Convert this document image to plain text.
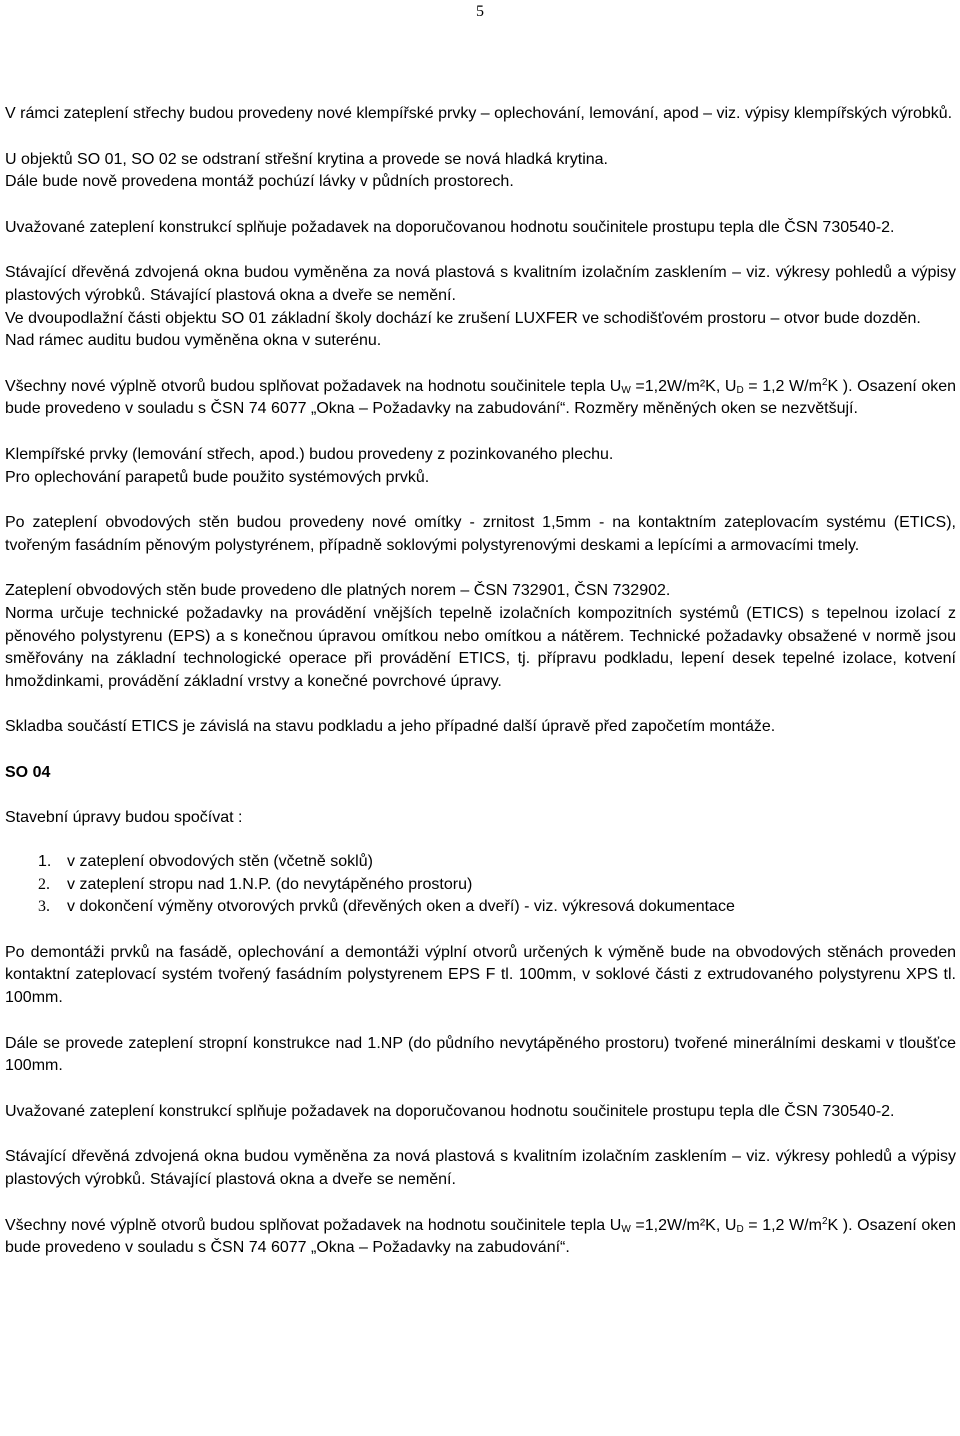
5

V rámci zateplení střechy budou provedeny nové klempířské prvky – oplechování, lemování, apod – viz. výpisy klempířských výrobků.

U objektů SO 01, SO 02 se odstraní střešní krytina a provede se nová hladká krytina.

Dále bude nově provedena montáž pochúzí lávky v půdních prostorech.

Uvažované zateplení konstrukcí splňuje požadavek na doporučovanou hodnotu součinitele prostupu tepla dle ČSN 730540-2.

Stávající dřevěná zdvojená okna budou vyměněna za nová plastová s kvalitním izolačním zasklením – viz. výkresy pohledů a výpisy plastových výrobků. Stávající plastová okna a dveře se nemění.

Ve dvoupodlažní části objektu SO 01 základní školy dochází ke zrušení LUXFER ve schodišťovém prostoru – otvor bude dozděn.

Nad rámec auditu budou vyměněna okna v suterénu.

Všechny nové výplně otvorů budou splňovat požadavek na hodnotu součinitele tepla $U_W =1,2W/m^2K$, $U_D = 1,2$ $W/m^2K$ ). Osazení oken bude provedeno v souladu s ČSN 74 6077 „Okna – Požadavky na zabudování“. Rozměry měněných oken se nezvětšují.

Klempířské prvky (lemování střech, apod.) budou provedeny z pozinkovaného plechu.

Pro oplechování parapetů bude použito systémových prvků.

Po zateplení obvodových stěn budou provedeny nové omítky - zrnitost 1,5mm - na kontaktním zateplovacím systému (ETICS), tvořeným fasádním pěnovým polystyrénem, případně soklovými polystyrenovými deskami a lepícími a armovacími tmely.

Zateplení obvodových stěn bude provedeno dle platných norem – ČSN 732901, ČSN 732902.

Norma určuje technické požadavky na provádění vnějších tepelně izolačních kompozitních systémů (ETICS) s tepelnou izolací z pěnového polystyrenu (EPS) a s konečnou úpravou omítkou nebo omítkou a nátěrem. Technické požadavky obsažené v normě jsou směřovány na základní technologické operace při provádění ETICS, tj. přípravu podkladu, lepení desek tepelné izolace, kotvení hmoždinkami, provádění základní vrstvy a konečné povrchové úpravy.

Skladba součástí ETICS je závislá na stavu podkladu a jeho případné další úpravě před započetím montáže.

SO 04

Stavební úpravy budou spočívat :

1. v zateplení obvodových stěn (včetně soklů)
2.	v zateplení stropu nad 1.N.P. (do nevytápěného prostoru)
3.	v dokončení výměny otvorových prvků (dřevěných oken a dveří) - viz. výkresová dokumentace

Po demontáži prvků na fasádě, oplechování a demontáži výplní otvorů určených k výměně bude na obvodových stěnách proveden kontaktní zateplovací systém tvořený fasádním polystyrenem EPS F tl. 100mm, v soklové části z extrudovaného polystyrenu XPS tl. 100mm.

Dále se provede zateplení stropní konstrukce nad 1.NP (do půdního nevytápěného prostoru) tvořené minerálními deskami v tloušťce 100mm.

Uvažované zateplení konstrukcí splňuje požadavek na doporučovanou hodnotu součinitele prostupu tepla dle ČSN 730540-2.

Stávající dřevěná zdvojená okna budou vyměněna za nová plastová s kvalitním izolačním zasklením – viz. výkresy pohledů a výpisy plastových výrobků. Stávající plastová okna a dveře se nemění.

Všechny nové výplně otvorů budou splňovat požadavek na hodnotu součinitele tepla $U_W =1,2W/m^2K$, $U_D = 1,2$ $W/m^2K$ ). Osazení oken bude provedeno v souladu s ČSN 74 6077 „Okna – Požadavky na zabudování“.
